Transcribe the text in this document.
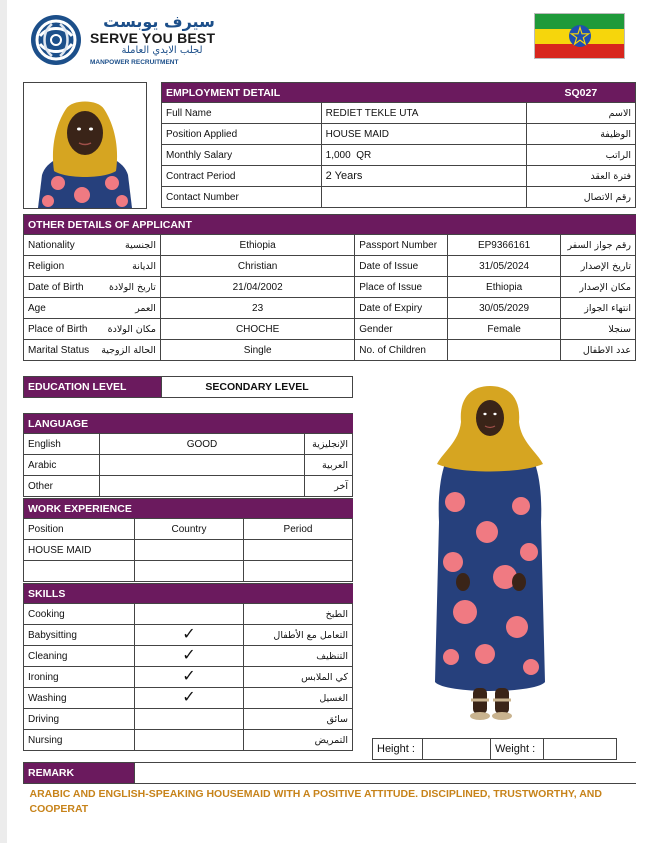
سيرف يوبست
SERVE YOU BEST
لجلب الايدي العاملة
MANPOWER RECRUITMENT
EMPLOYMENT DETAIL		SQ027
Full Name	REDIET TEKLE UTA	الاسم
Position Applied	HOUSE MAID	الوظيفة
Monthly Salary	1,000  QR	الراتب
Contract Period	2 Years	فترة العقد
Contact Number		رقم الاتصال
OTHER DETAILS OF APPLICANT					
Nationality	الجنسية	Ethiopia	Passport Number	EP9366161	رقم جواز السفر
Religion	الديانة	Christian	Date of Issue	31/05/2024	تاريخ الإصدار
Date of Birth	تاريخ الولادة	21/04/2002	Place of Issue	Ethiopia	مكان الإصدار
Age	العمر	23	Date of Expiry	30/05/2029	انتهاء الجواز
Place of Birth	مكان الولادة	CHOCHE	Gender	Female	سنجلا
Marital Status	الحالة الزوجية	Single	No. of Children		عدد الاطفال
EDUCATION LEVEL	SECONDARY LEVEL
LANGUAGE		
English	GOOD	الإنجليزية
Arabic		العربية
Other		آخر
WORK EXPERIENCE		
Position	Country	Period
HOUSE MAID		

SKILLS		
Cooking		الطبخ
Babysitting	✓	التعامل مع الأطفال
Cleaning	✓	التنظيف
Ironing	✓	كي الملابس
Washing	✓	الغسيل
Driving		سائق
Nursing		التمريض
Height :		Weight :	
REMARK	
ARABIC AND ENGLISH-SPEAKING HOUSEMAID WITH A POSITIVE ATTITUDE. DISCIPLINED, TRUSTWORTHY, AND COOPERAT
